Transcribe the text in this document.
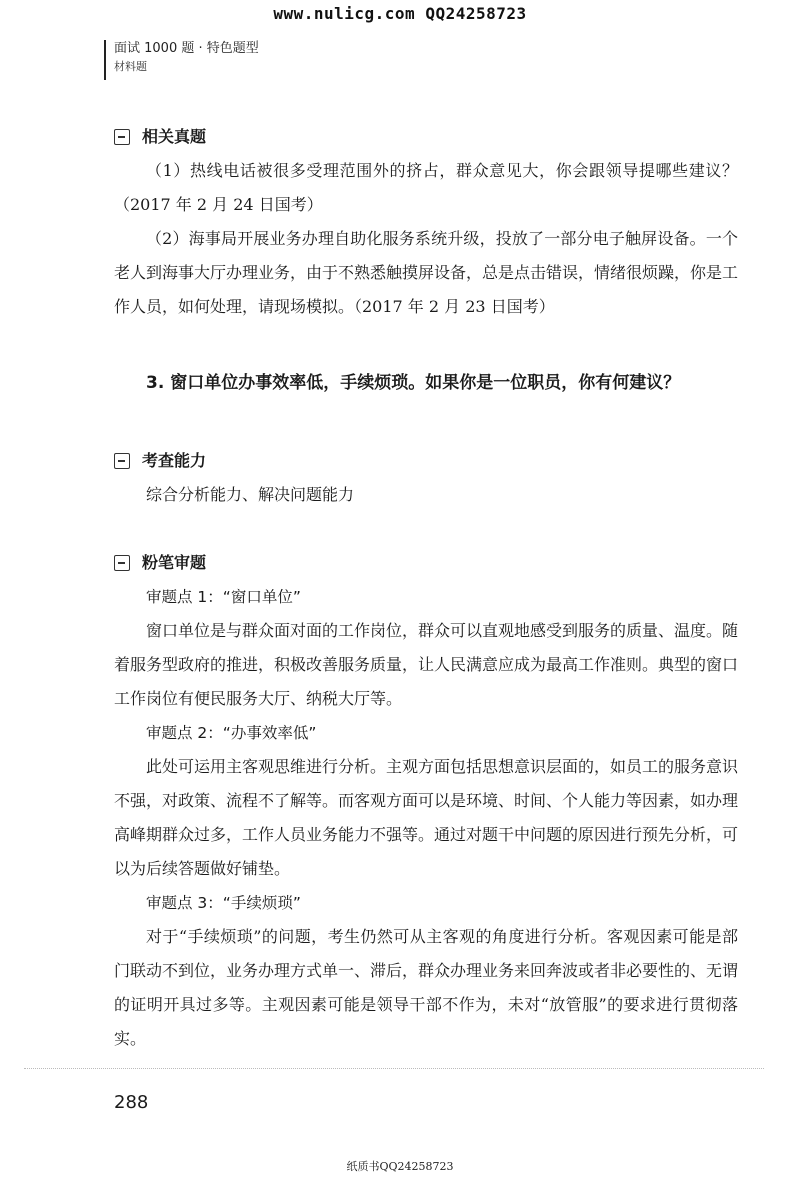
www.nulicg.com QQ24258723
面试 1000 题 · 特色题型
材料题
相关真题
（1）热线电话被很多受理范围外的挤占，群众意见大，你会跟领导提哪些建议？（2017 年 2 月 24 日国考）
（2）海事局开展业务办理自助化服务系统升级，投放了一部分电子触屏设备。一个老人到海事大厅办理业务，由于不熟悉触摸屏设备，总是点击错误，情绪很烦躁，你是工作人员，如何处理，请现场模拟。（2017 年 2 月 23 日国考）
3. 窗口单位办事效率低，手续烦琐。如果你是一位职员，你有何建议？
考查能力
综合分析能力、解决问题能力
粉笔审题
审题点 1：“窗口单位”
窗口单位是与群众面对面的工作岗位，群众可以直观地感受到服务的质量、温度。随着服务型政府的推进，积极改善服务质量，让人民满意应成为最高工作准则。典型的窗口工作岗位有便民服务大厅、纳税大厅等。
审题点 2：“办事效率低”
此处可运用主客观思维进行分析。主观方面包括思想意识层面的，如员工的服务意识不强，对政策、流程不了解等。而客观方面可以是环境、时间、个人能力等因素，如办理高峰期群众过多，工作人员业务能力不强等。通过对题干中问题的原因进行预先分析，可以为后续答题做好铺垫。
审题点 3：“手续烦琐”
对于“手续烦琐”的问题，考生仍然可从主客观的角度进行分析。客观因素可能是部门联动不到位，业务办理方式单一、滞后，群众办理业务来回奔波或者非必要性的、无谓的证明开具过多等。主观因素可能是领导干部不作为，未对“放管服”的要求进行贯彻落实。
288
纸质书QQ24258723
